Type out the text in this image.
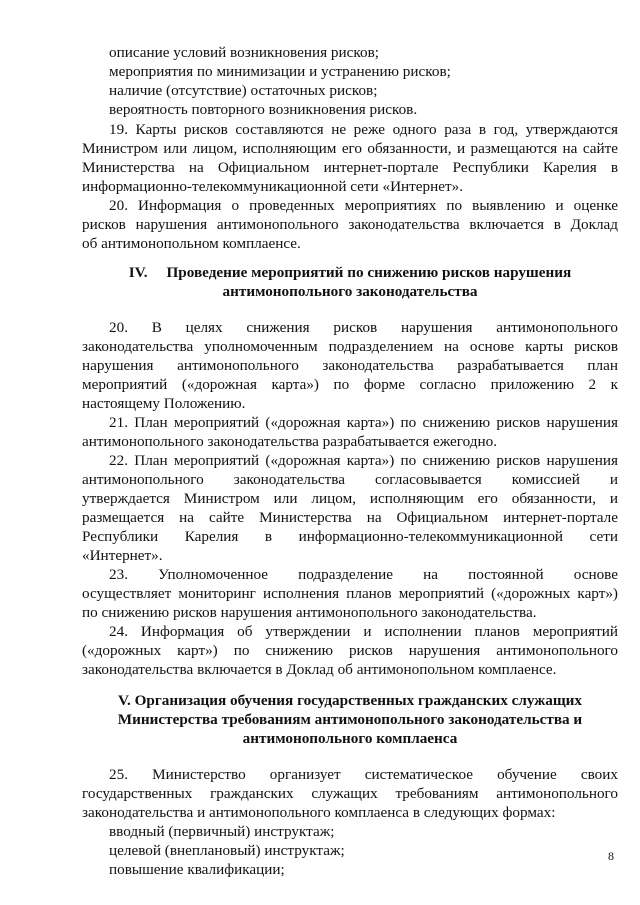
описание условий возникновения рисков;
мероприятия по минимизации и устранению рисков;
наличие (отсутствие) остаточных рисков;
вероятность повторного возникновения рисков.
19. Карты рисков составляются не реже одного раза в год, утверждаются
Министром или лицом, исполняющим его обязанности, и размещаются на сайте
Министерства на Официальном интернет-портале Республики Карелия в
информационно-телекоммуникационной сети «Интернет».
20. Информация о проведенных мероприятиях по выявлению и оценке
рисков нарушения антимонопольного законодательства включается в Доклад
об антимонопольном комплаенсе.
IV.     Проведение мероприятий по снижению рисков нарушения
антимонопольного законодательства
20. В целях снижения рисков нарушения антимонопольного
законодательства уполномоченным подразделением на основе карты рисков
нарушения антимонопольного законодательства разрабатывается план
мероприятий («дорожная карта») по форме согласно приложению 2 к
настоящему Положению.
21. План мероприятий («дорожная карта») по снижению рисков нарушения
антимонопольного законодательства разрабатывается ежегодно.
22. План мероприятий («дорожная карта») по снижению рисков нарушения
антимонопольного законодательства согласовывается комиссией и
утверждается Министром или лицом, исполняющим его обязанности, и
размещается на сайте Министерства на Официальном интернет-портале
Республики Карелия в информационно-телекоммуникационной сети
«Интернет».
23. Уполномоченное подразделение на постоянной основе
осуществляет мониторинг исполнения планов мероприятий («дорожных карт»)
по снижению рисков нарушения антимонопольного законодательства.
24. Информация об утверждении и исполнении планов мероприятий
(«дорожных карт») по снижению рисков нарушения антимонопольного
законодательства включается в Доклад об антимонопольном комплаенсе.
V. Организация обучения государственных гражданских служащих
Министерства требованиям антимонопольного законодательства и
антимонопольного комплаенса
25. Министерство организует систематическое обучение своих
государственных гражданских служащих требованиям антимонопольного
законодательства и антимонопольного комплаенса в следующих формах:
вводный (первичный) инструктаж;
целевой (внеплановый) инструктаж;
повышение квалификации;
8
